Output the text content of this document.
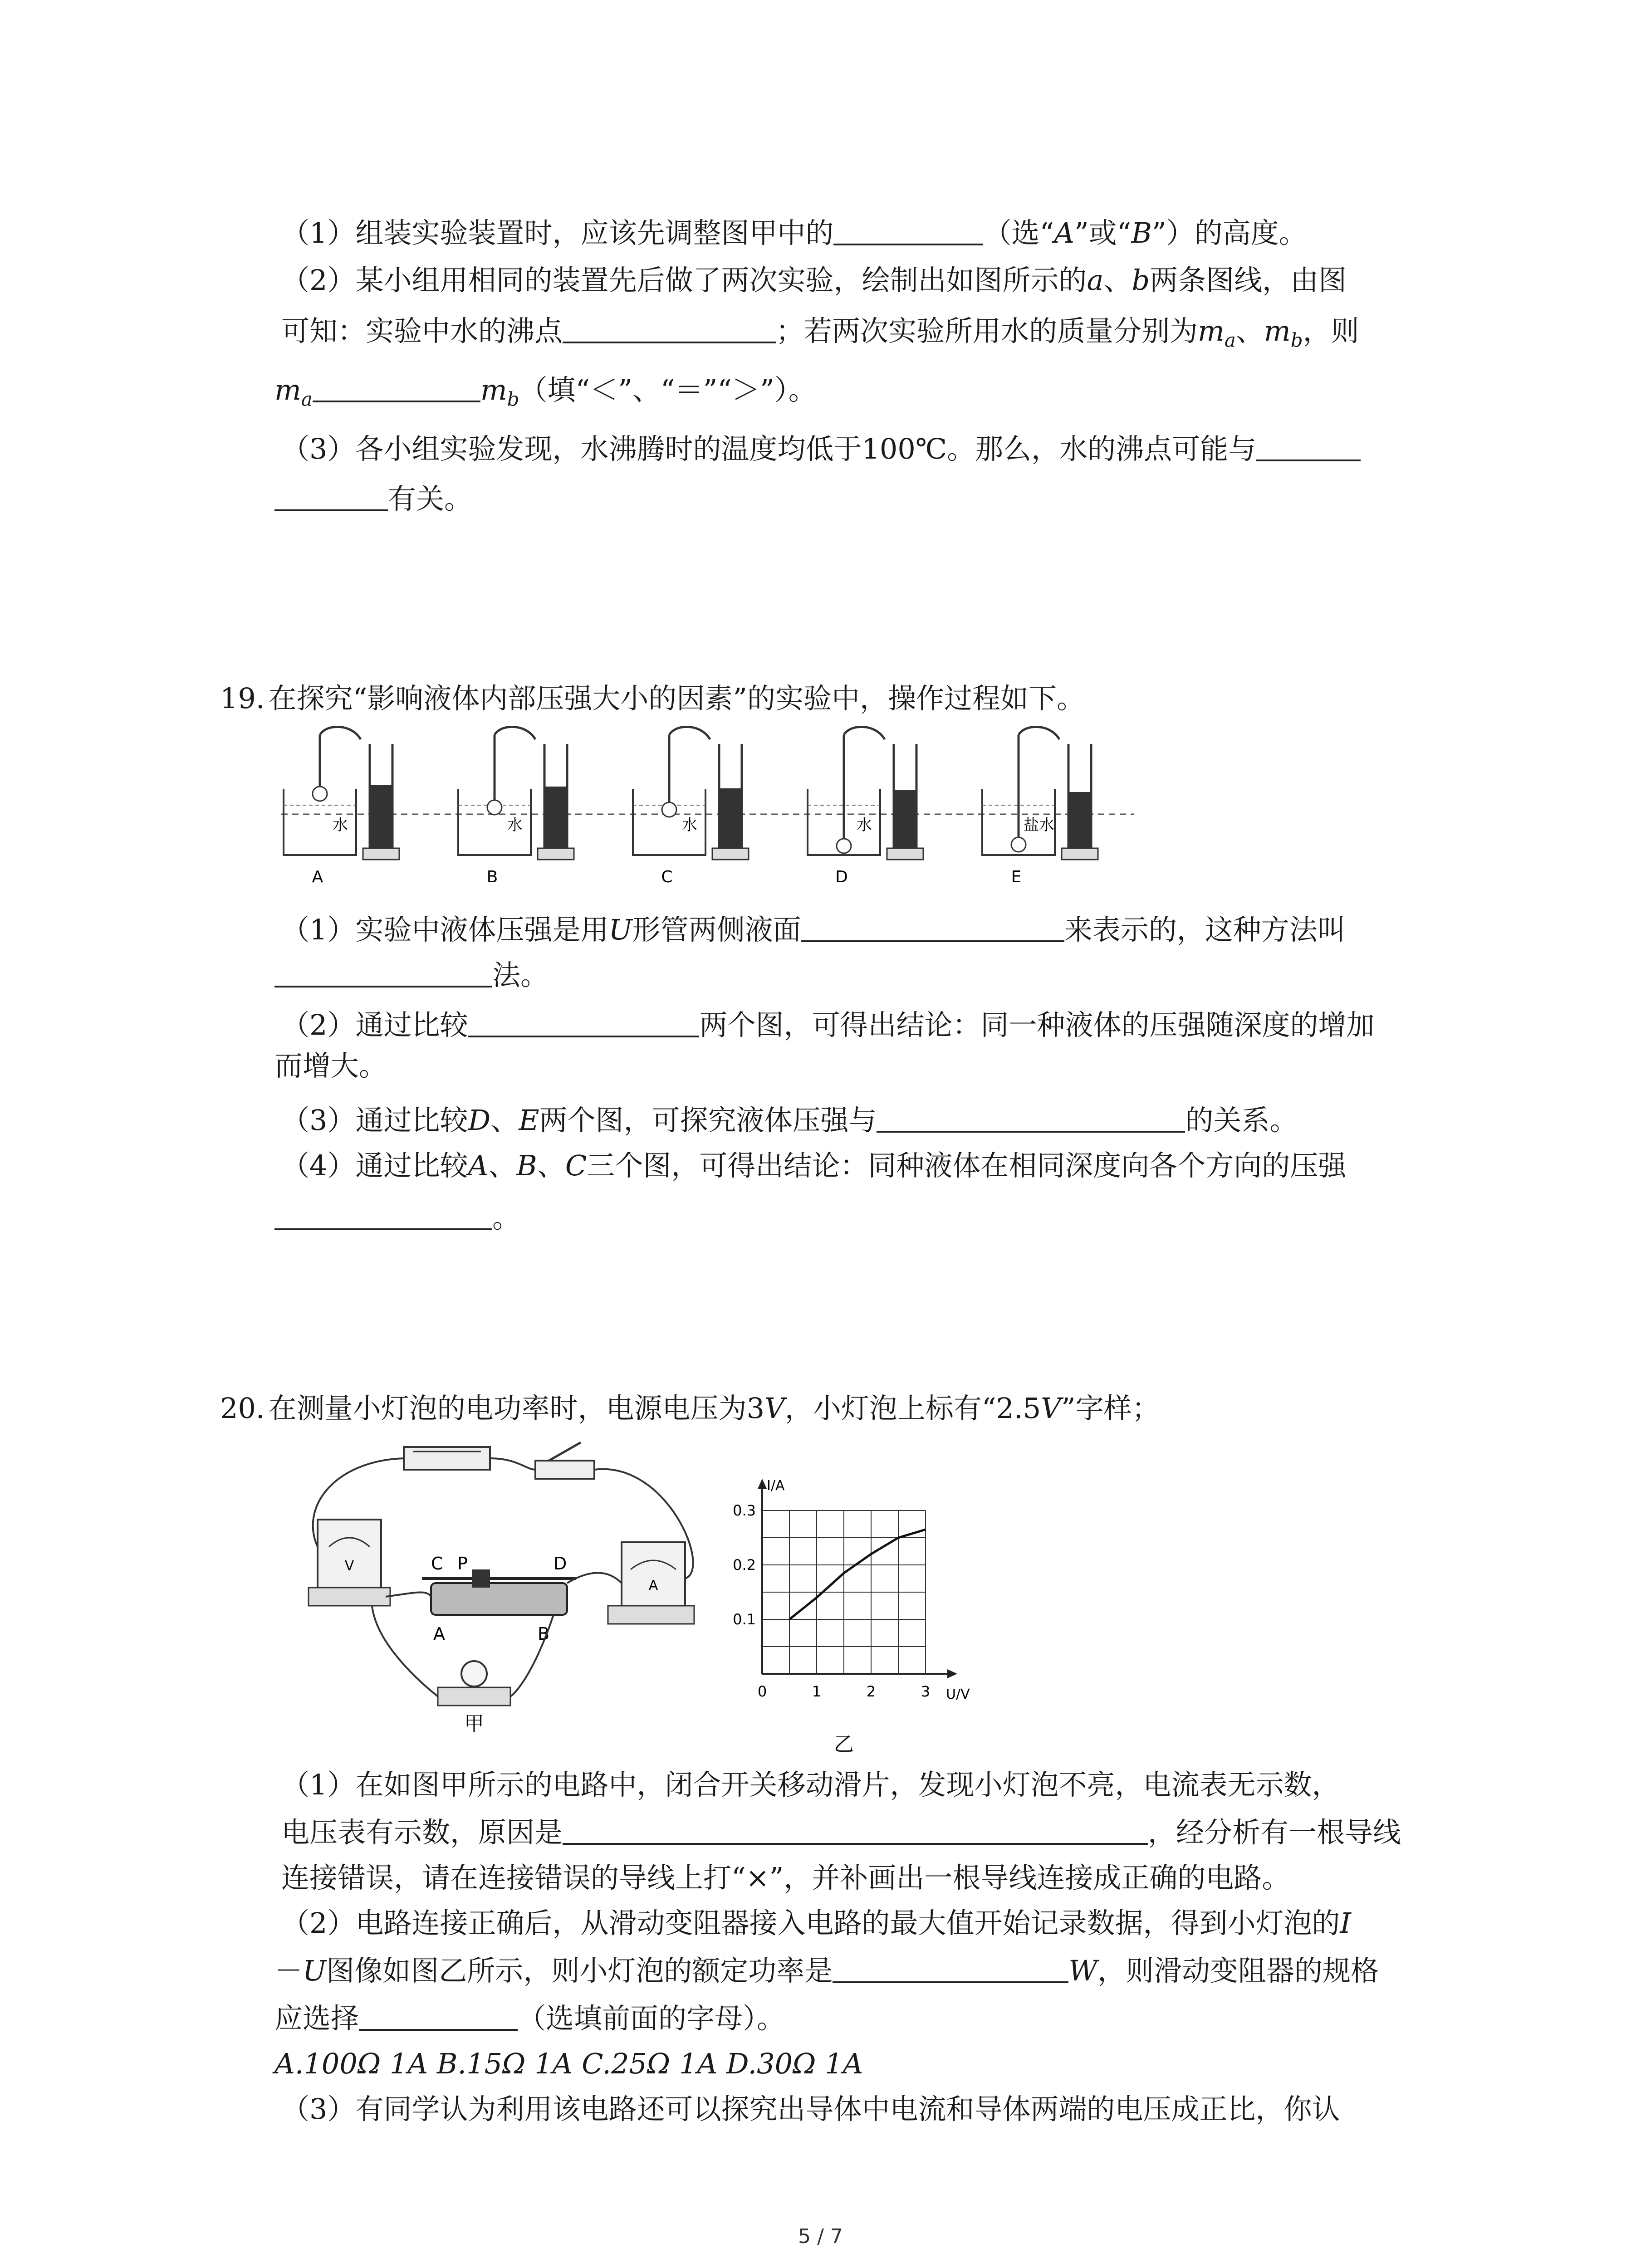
（1）组装实验装置时，应该先调整图甲中的	（选“A”或“B”）的高度。
（2）某小组用相同的装置先后做了两次实验，绘制出如图所示的a、b两条图线，由图
可知：实验中水的沸点	；若两次实验所用水的质量分别为$m_a$、$m_b$，则
$m_a$	$m_b$（填“＜”、“＝”“＞”）。
（3）各小组实验发现，水沸腾时的温度均低于100℃。那么，水的沸点可能与
有关。
19. 在探究“影响液体内部压强大小的因素”的实验中，操作过程如下。
水
A
水
B
水
C
水
D
盐水
E
（1）实验中液体压强是用U形管两侧液面	来表示的，这种方法叫
法。
（2）通过比较	两个图，可得出结论：同一种液体的压强随深度的增加
而增大。
（3）通过比较D、E两个图，可探究液体压强与	的关系。
（4）通过比较A、B、C三个图，可得出结论：同种液体在相同深度向各个方向的压强
。
20. 在测量小灯泡的电功率时，电源电压为3V，小灯泡上标有“2.5V”字样；
V
A
C P	D
A	B
甲
0	1	2	3
0.1
0.2
0.3
U/V
I/A
乙
（1）在如图甲所示的电路中，闭合开关移动滑片，发现小灯泡不亮，电流表无示数，
电压表有示数，原因是	，经分析有一根导线
连接错误，请在连接错误的导线上打“×”，并补画出一根导线连接成正确的电路。
（2）电路连接正确后，从滑动变阻器接入电路的最大值开始记录数据，得到小灯泡的I
－U图像如图乙所示，则小灯泡的额定功率是	W，则滑动变阻器的规格
应选择	（选填前面的字母）。
A.100Ω 1A B.15Ω 1A C.25Ω 1A D.30Ω 1A
（3）有同学认为利用该电路还可以探究出导体中电流和导体两端的电压成正比，你认
5 / 7
